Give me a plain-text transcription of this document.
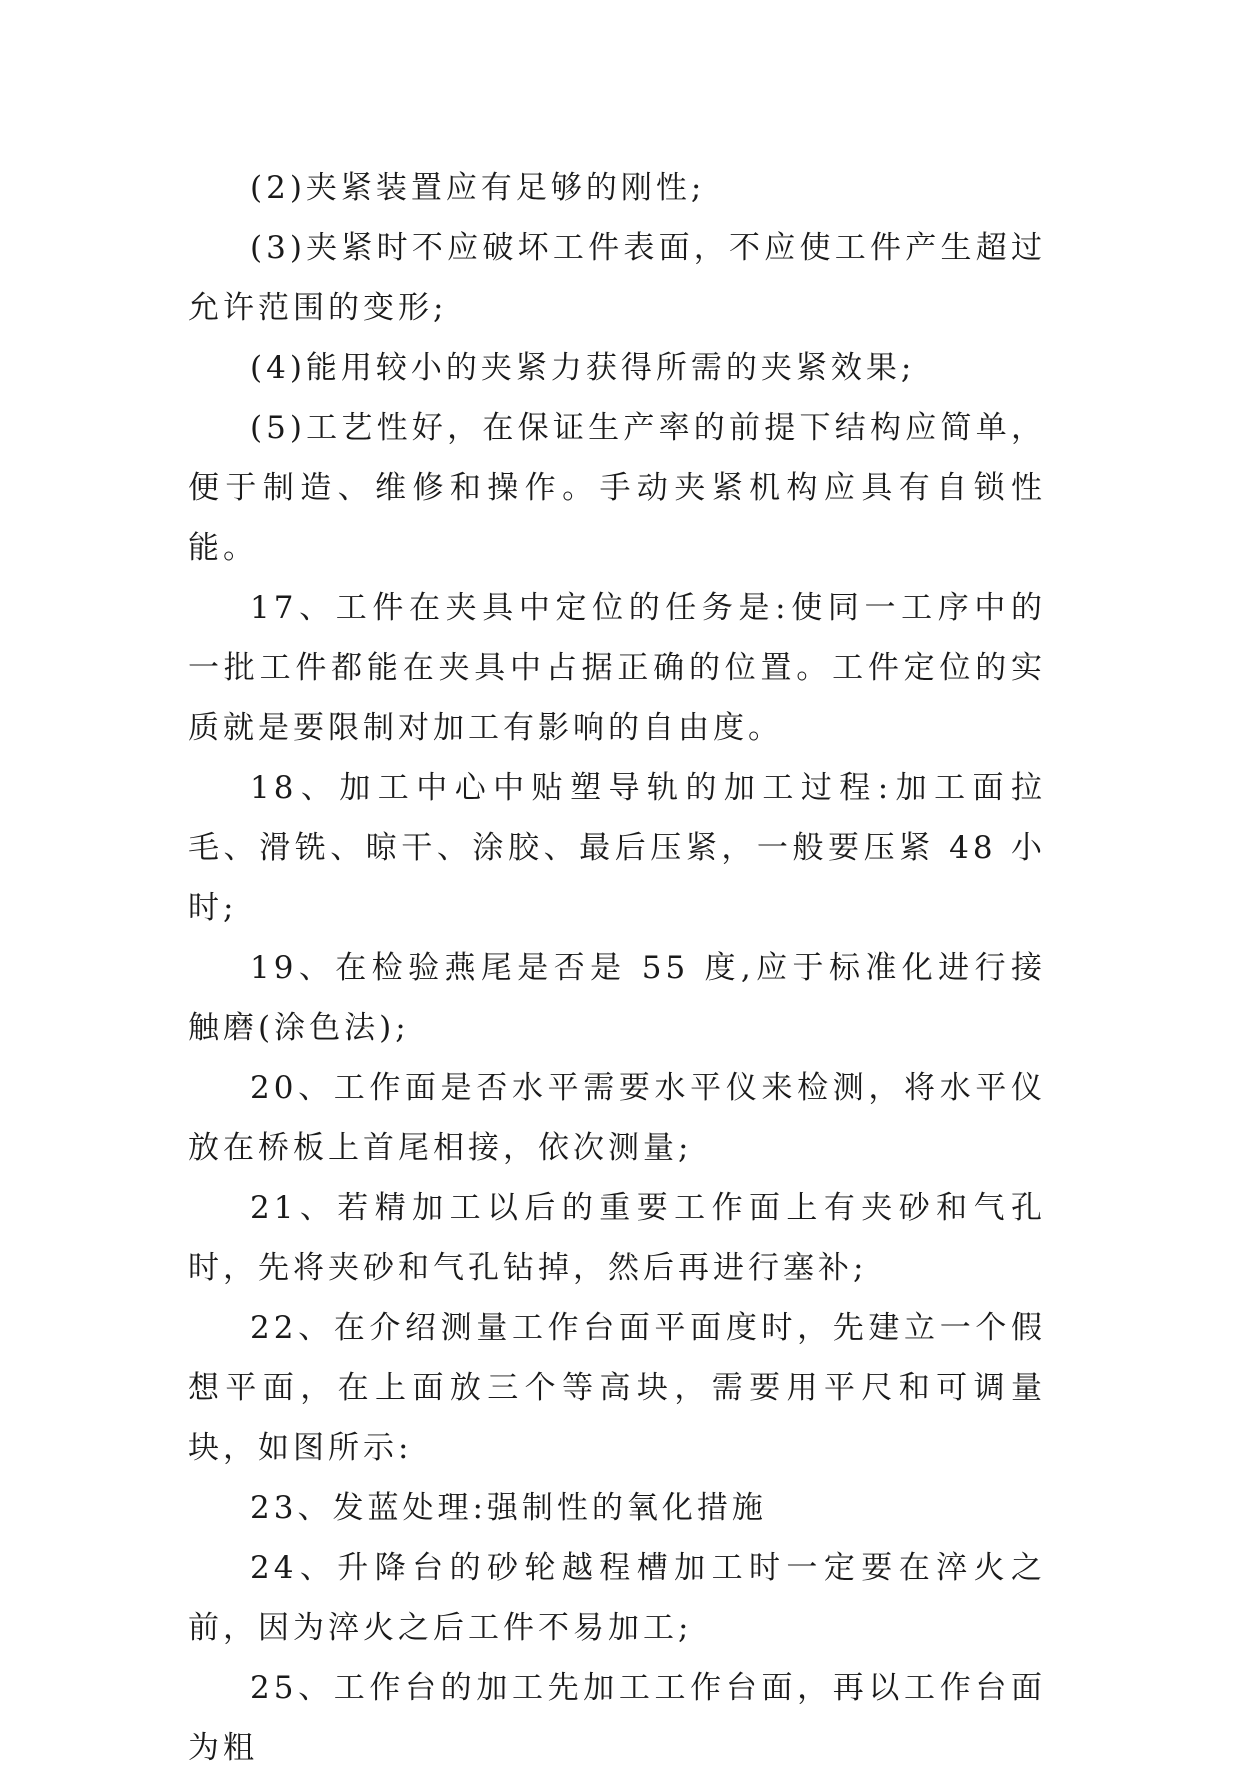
(2)夹紧装置应有足够的刚性;

(3)夹紧时不应破坏工件表面，不应使工件产生超过允许范围的变形;

(4)能用较小的夹紧力获得所需的夹紧效果;

(5)工艺性好，在保证生产率的前提下结构应简单，便于制造、维修和操作。手动夹紧机构应具有自锁性能。

17、工件在夹具中定位的任务是:使同一工序中的一批工件都能在夹具中占据正确的位置。工件定位的实质就是要限制对加工有影响的自由度。

18、加工中心中贴塑导轨的加工过程:加工面拉毛、滑铣、晾干、涂胶、最后压紧，一般要压紧 48 小时;

19、在检验燕尾是否是 55 度,应于标准化进行接触磨(涂色法);

20、工作面是否水平需要水平仪来检测，将水平仪放在桥板上首尾相接，依次测量;

21、若精加工以后的重要工作面上有夹砂和气孔时，先将夹砂和气孔钻掉，然后再进行塞补;

22、在介绍测量工作台面平面度时，先建立一个假想平面，在上面放三个等高块，需要用平尺和可调量块，如图所示:

23、发蓝处理:强制性的氧化措施

24、升降台的砂轮越程槽加工时一定要在淬火之前，因为淬火之后工件不易加工;

25、工作台的加工先加工工作台面，再以工作台面为粗
